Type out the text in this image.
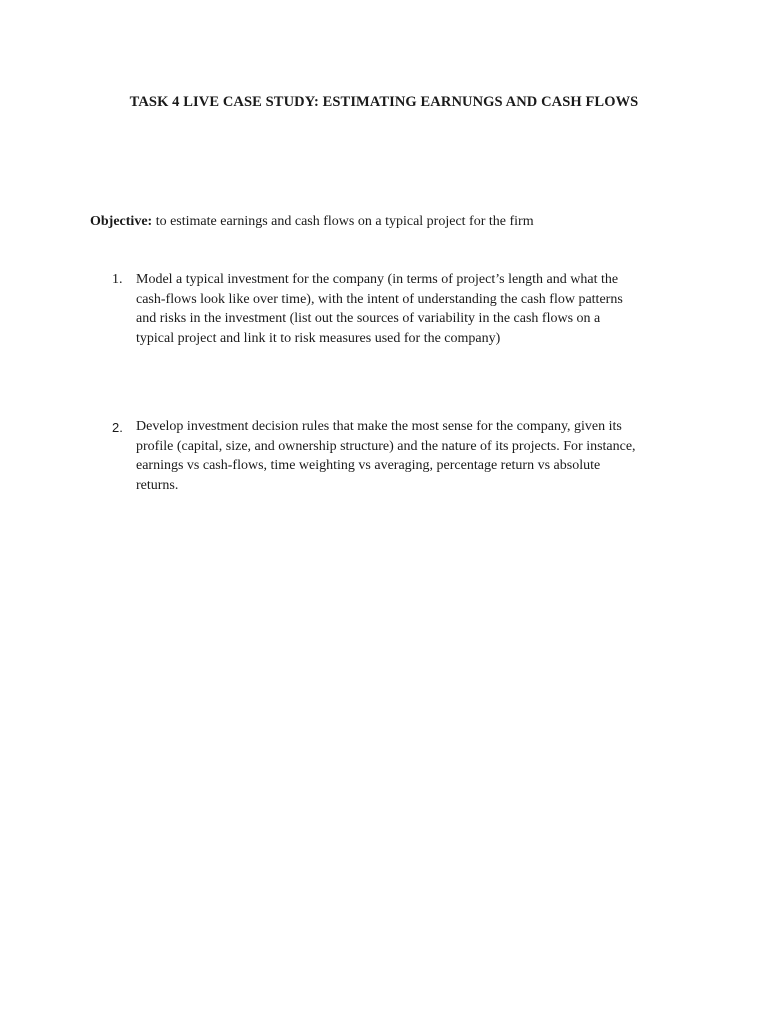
TASK 4 LIVE CASE STUDY: ESTIMATING EARNUNGS AND CASH FLOWS
Objective: to estimate earnings and cash flows on a typical project for the firm
1. Model a typical investment for the company (in terms of project’s length and what the
cash-flows look like over time), with the intent of understanding the cash flow patterns
and risks in the investment (list out the sources of variability in the cash flows on a
typical project and link it to risk measures used for the company)
2. Develop investment decision rules that make the most sense for the company, given its
profile (capital, size, and ownership structure) and the nature of its projects. For instance,
earnings vs cash-flows, time weighting vs averaging, percentage return vs absolute
returns.
